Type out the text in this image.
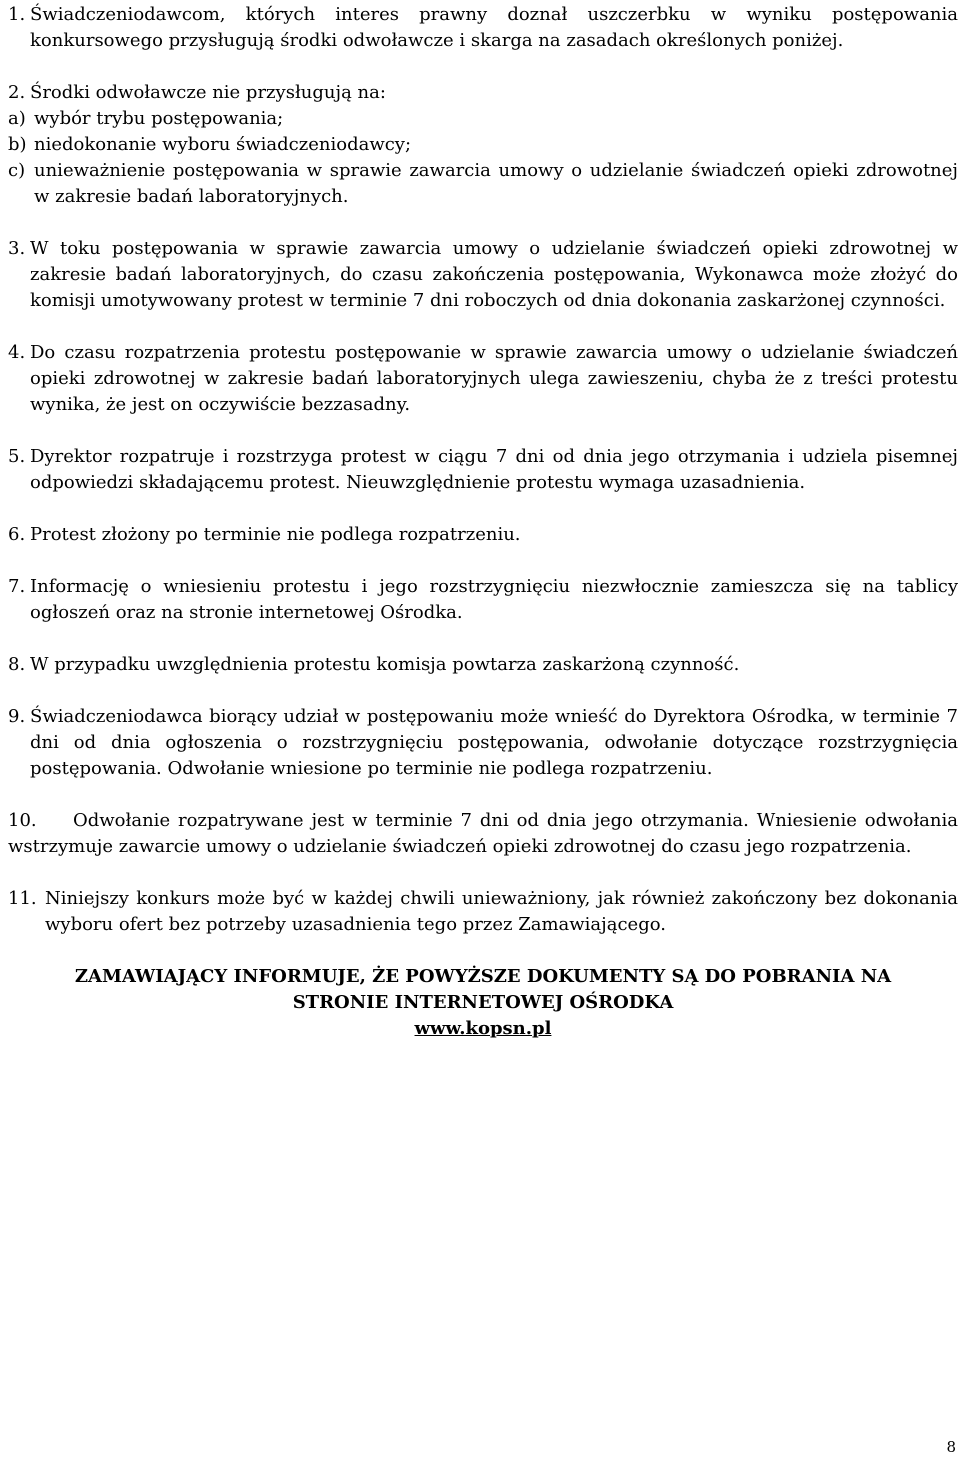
1. Świadczeniodawcom, których interes prawny doznał uszczerbku w wyniku postępowania konkursowego przysługują środki odwoławcze i skarga na zasadach określonych poniżej.
2. Środki odwoławcze nie przysługują na:

a) wybór trybu postępowania;
b) niedokonanie wyboru świadczeniodawcy;
c) unieważnienie postępowania w sprawie zawarcia umowy o udzielanie świadczeń opieki zdrowotnej w zakresie badań laboratoryjnych.
3. W toku postępowania w sprawie zawarcia umowy o udzielanie świadczeń opieki zdrowotnej w zakresie badań laboratoryjnych, do czasu zakończenia postępowania, Wykonawca może złożyć do komisji umotywowany protest w terminie 7 dni roboczych od dnia dokonania zaskarżonej czynności.
4. Do czasu rozpatrzenia protestu postępowanie w sprawie zawarcia umowy o udzielanie świadczeń opieki zdrowotnej w zakresie badań laboratoryjnych ulega zawieszeniu, chyba że z treści protestu wynika, że jest on oczywiście bezzasadny.
5. Dyrektor rozpatruje i rozstrzyga protest w ciągu 7 dni od dnia jego otrzymania i udziela pisemnej odpowiedzi składającemu protest. Nieuwzględnienie protestu wymaga uzasadnienia.
6. Protest złożony po terminie nie podlega rozpatrzeniu.
7. Informację o wniesieniu protestu i jego rozstrzygnięciu niezwłocznie zamieszcza się na tablicy ogłoszeń oraz na stronie internetowej Ośrodka.
8. W przypadku uwzględnienia protestu komisja powtarza zaskarżoną czynność.
9. Świadczeniodawca biorący udział w postępowaniu może wnieść do Dyrektora Ośrodka, w terminie 7 dni od dnia ogłoszenia o rozstrzygnięciu postępowania, odwołanie dotyczące rozstrzygnięcia postępowania. Odwołanie wniesione po terminie nie podlega rozpatrzeniu.
10.	Odwołanie rozpatrywane jest w terminie 7 dni od dnia jego otrzymania. Wniesienie odwołania wstrzymuje zawarcie umowy o udzielanie świadczeń opieki zdrowotnej do czasu jego rozpatrzenia.
11. Niniejszy konkurs może być w każdej chwili unieważniony, jak również zakończony bez dokonania wyboru ofert bez potrzeby uzasadnienia tego przez Zamawiającego.
ZAMAWIAJĄCY INFORMUJE, ŻE POWYŻSZE DOKUMENTY SĄ DO POBRANIA NA
STRONIE INTERNETOWEJ OŚRODKA
www.kopsn.pl
8
